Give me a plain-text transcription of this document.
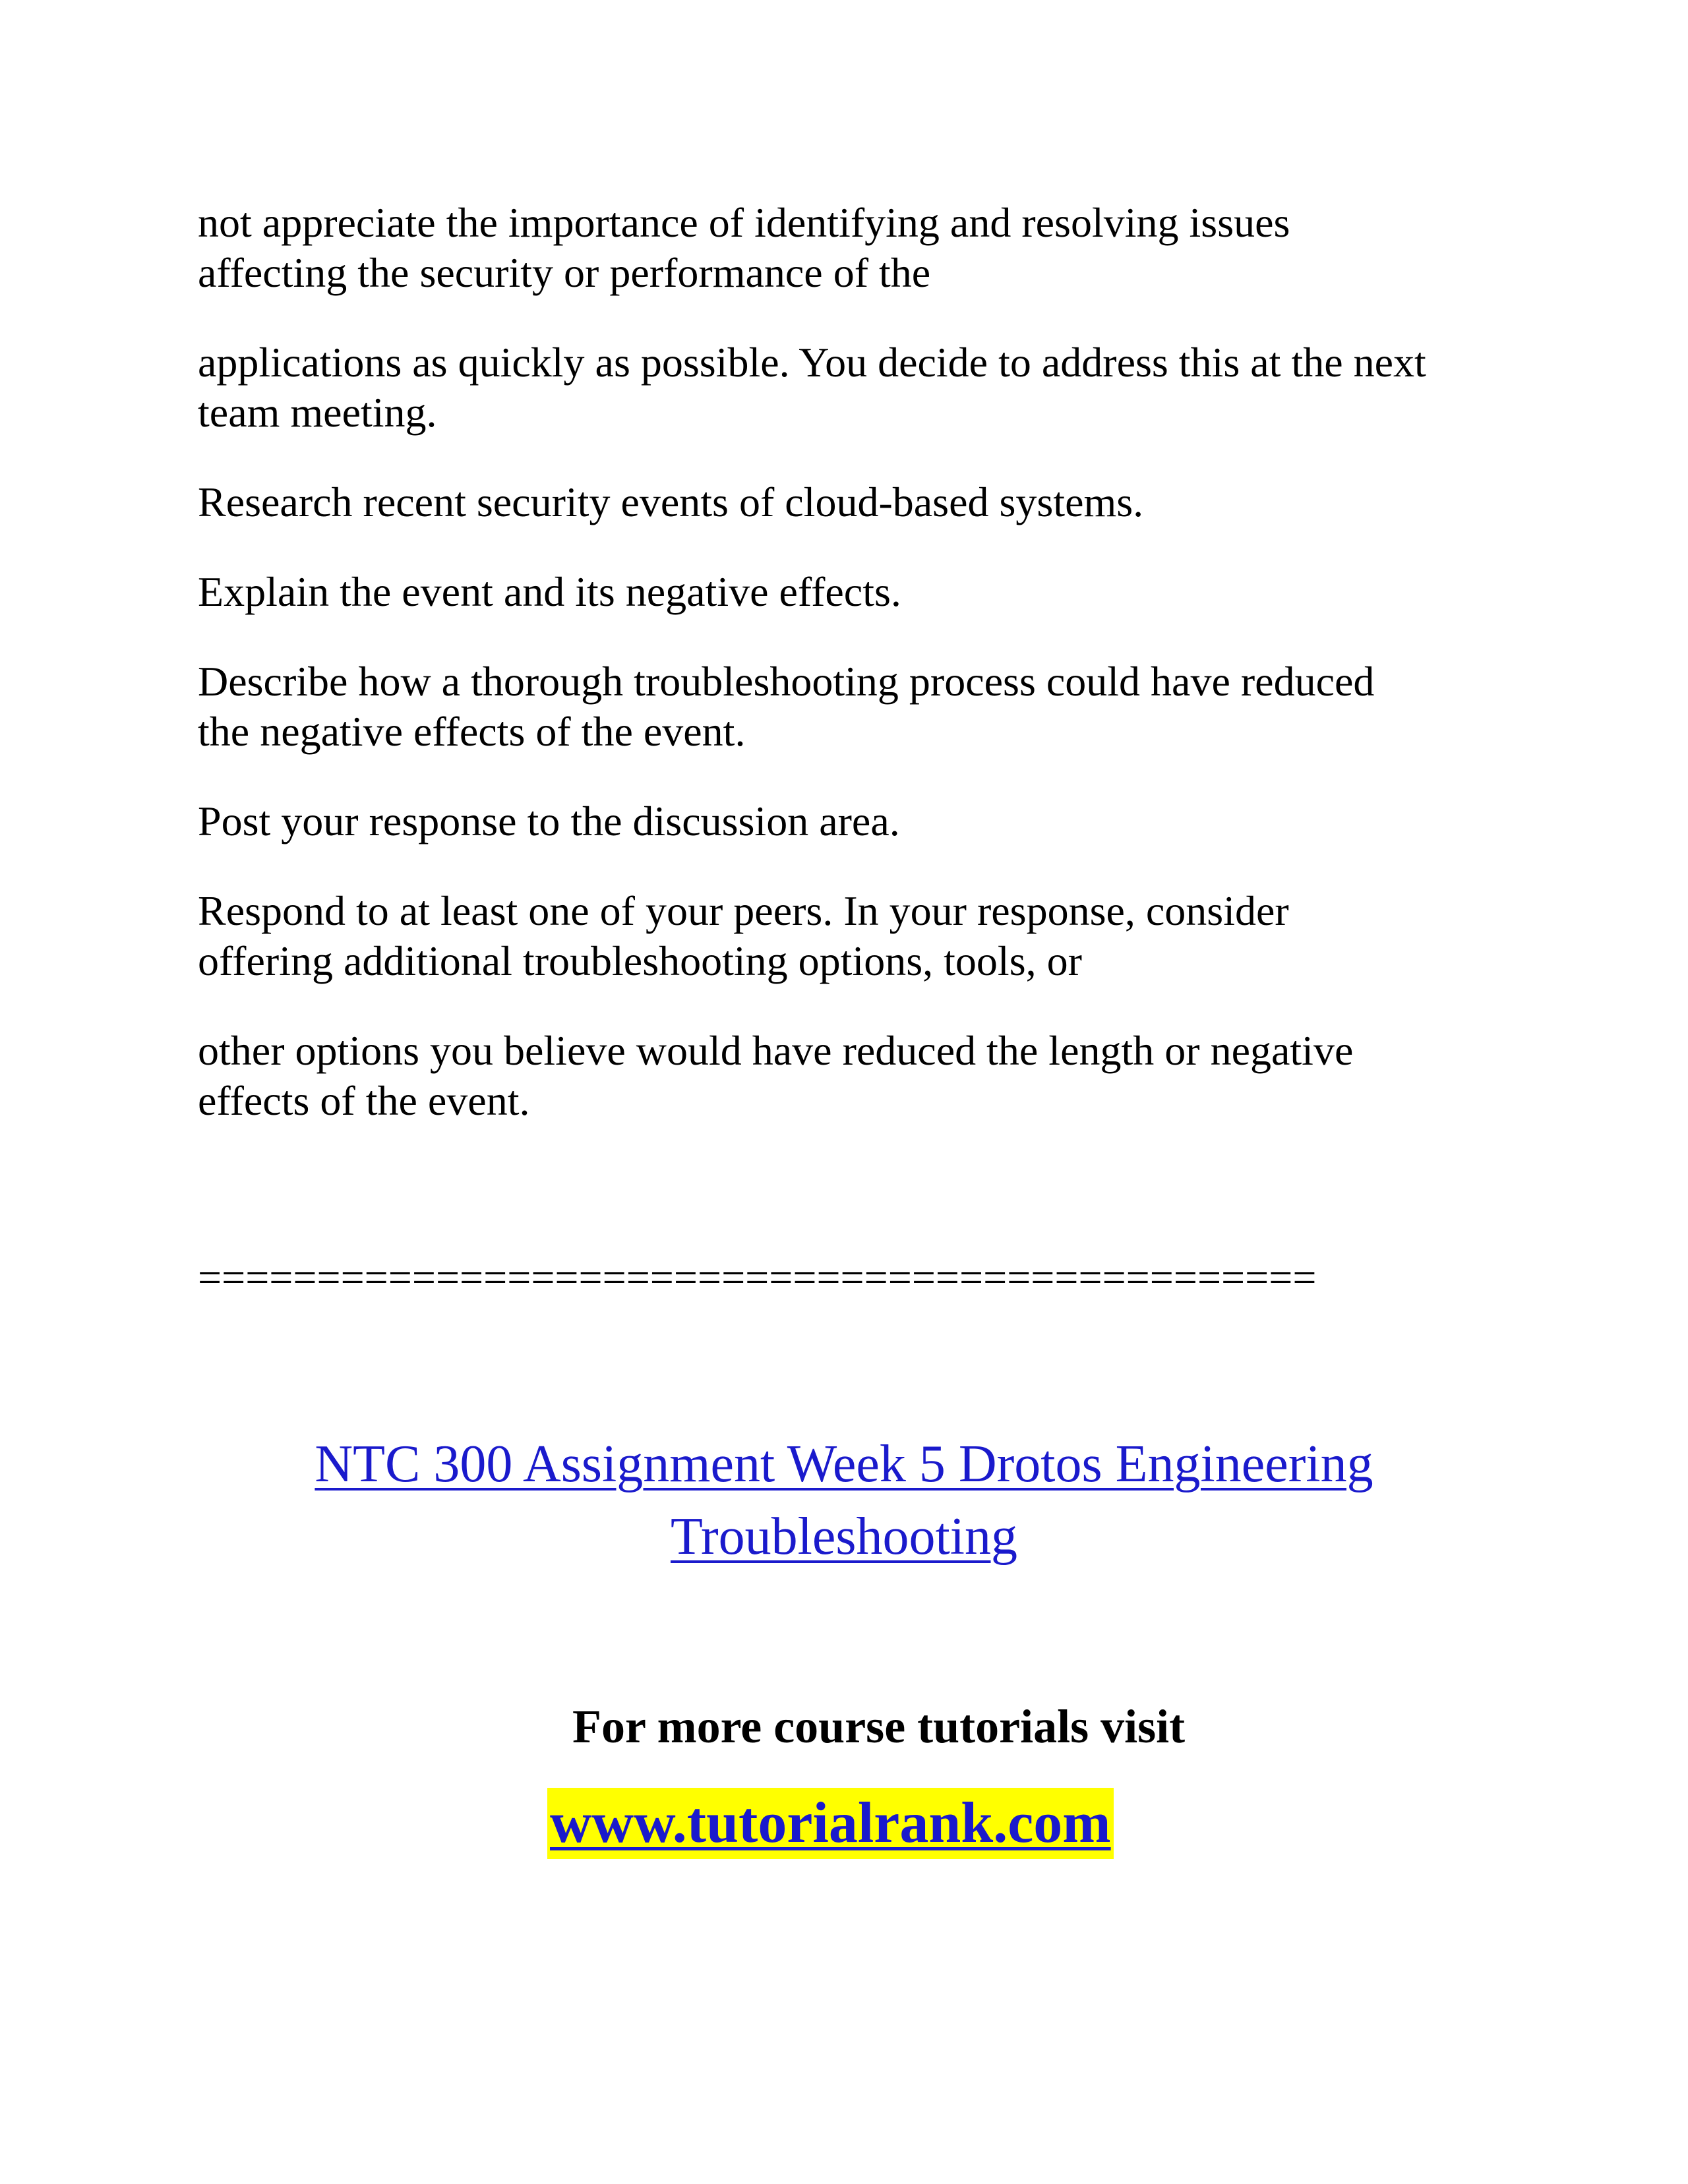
not appreciate the importance of identifying and resolving issues
affecting the security or performance of the

applications as quickly as possible. You decide to address this at the next
team meeting.

Research recent security events of cloud-based systems.

Explain the event and its negative effects.

Describe how a thorough troubleshooting process could have reduced
the negative effects of the event.

Post your response to the discussion area.

Respond to at least one of your peers. In your response, consider
offering additional troubleshooting options, tools, or

other options you believe would have reduced the length or negative
effects of the event.

===============================================

NTC 300 Assignment Week 5 Drotos Engineering
Troubleshooting

For more course tutorials visit

www.tutorialrank.com
